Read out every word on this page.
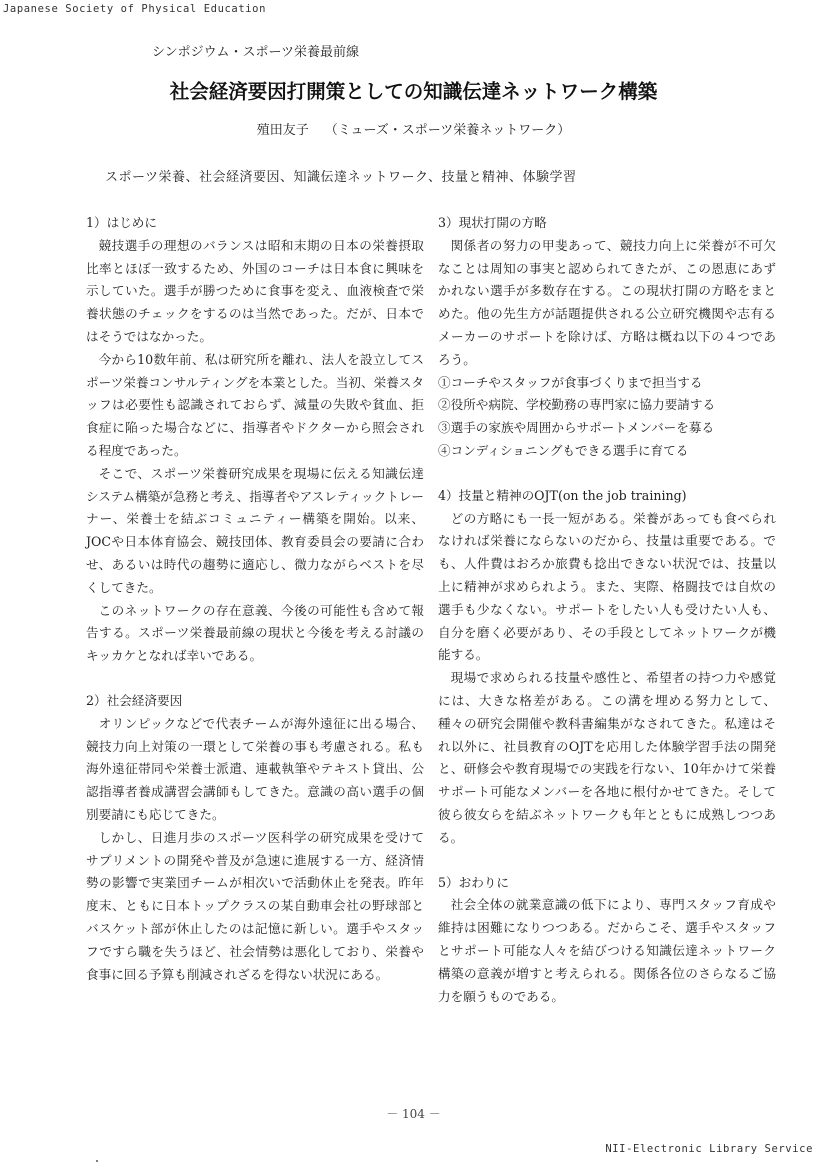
Japanese Society of Physical Education
シンポジウム・スポーツ栄養最前線
社会経済要因打開策としての知識伝達ネットワーク構築
殖田友子 （ミューズ・スポーツ栄養ネットワーク）
スポーツ栄養、社会経済要因、知識伝達ネットワーク、技量と精神、体験学習
1）はじめに

競技選手の理想のバランスは昭和末期の日本の栄養摂取比率とほぼ一致するため、外国のコーチは日本食に興味を示していた。選手が勝つために食事を変え、血液検査で栄養状態のチェックをするのは当然であった。だが、日本ではそうではなかった。

今から10数年前、私は研究所を離れ、法人を設立してスポーツ栄養コンサルティングを本業とした。当初、栄養スタッフは必要性も認識されておらず、減量の失敗や貧血、拒食症に陥った場合などに、指導者やドクターから照会される程度であった。

そこで、スポーツ栄養研究成果を現場に伝える知識伝達システム構築が急務と考え、指導者やアスレティックトレーナー、栄養士を結ぶコミュニティー構築を開始。以来、JOCや日本体育協会、競技団体、教育委員会の要請に合わせ、あるいは時代の趨勢に適応し、微力ながらベストを尽くしてきた。

このネットワークの存在意義、今後の可能性も含めて報告する。スポーツ栄養最前線の現状と今後を考える討議のキッカケとなれば幸いである。

2）社会経済要因

オリンピックなどで代表チームが海外遠征に出る場合、競技力向上対策の一環として栄養の事も考慮される。私も海外遠征帯同や栄養士派遣、連載執筆やテキスト貸出、公認指導者養成講習会講師もしてきた。意識の高い選手の個別要請にも応じてきた。

しかし、日進月歩のスポーツ医科学の研究成果を受けてサプリメントの開発や普及が急速に進展する一方、経済情勢の影響で実業団チームが相次いで活動休止を発表。昨年度末、ともに日本トップクラスの某自動車会社の野球部とバスケット部が休止したのは記憶に新しい。選手やスタッフですら職を失うほど、社会情勢は悪化しており、栄養や食事に回る予算も削減されざるを得ない状況にある。

3）現状打開の方略

関係者の努力の甲斐あって、競技力向上に栄養が不可欠なことは周知の事実と認められてきたが、この恩恵にあずかれない選手が多数存在する。この現状打開の方略をまとめた。他の先生方が話題提供される公立研究機関や志有るメーカーのサポートを除けば、方略は概ね以下の４つであろう。

①コーチやスタッフが食事づくりまで担当する

②役所や病院、学校勤務の専門家に協力要請する

③選手の家族や周囲からサポートメンバーを募る

④コンディショニングもできる選手に育てる

4）技量と精神のOJT(on the job training)

どの方略にも一長一短がある。栄養があっても食べられなければ栄養にならないのだから、技量は重要である。でも、人件費はおろか旅費も捻出できない状況では、技量以上に精神が求められよう。また、実際、格闘技では自炊の選手も少なくない。サポートをしたい人も受けたい人も、自分を磨く必要があり、その手段としてネットワークが機能する。

現場で求められる技量や感性と、希望者の持つ力や感覚には、大きな格差がある。この溝を埋める努力として、種々の研究会開催や教科書編集がなされてきた。私達はそれ以外に、社員教育のOJTを応用した体験学習手法の開発と、研修会や教育現場での実践を行ない、10年かけて栄養サポート可能なメンバーを各地に根付かせてきた。そして彼ら彼女らを結ぶネットワークも年とともに成熟しつつある。

5）おわりに

社会全体の就業意識の低下により、専門スタッフ育成や維持は困難になりつつある。だからこそ、選手やスタッフとサポート可能な人々を結びつける知識伝達ネットワーク構築の意義が増すと考えられる。関係各位のさらなるご協力を願うものである。

－ 104 －
NII-Electronic Library Service
